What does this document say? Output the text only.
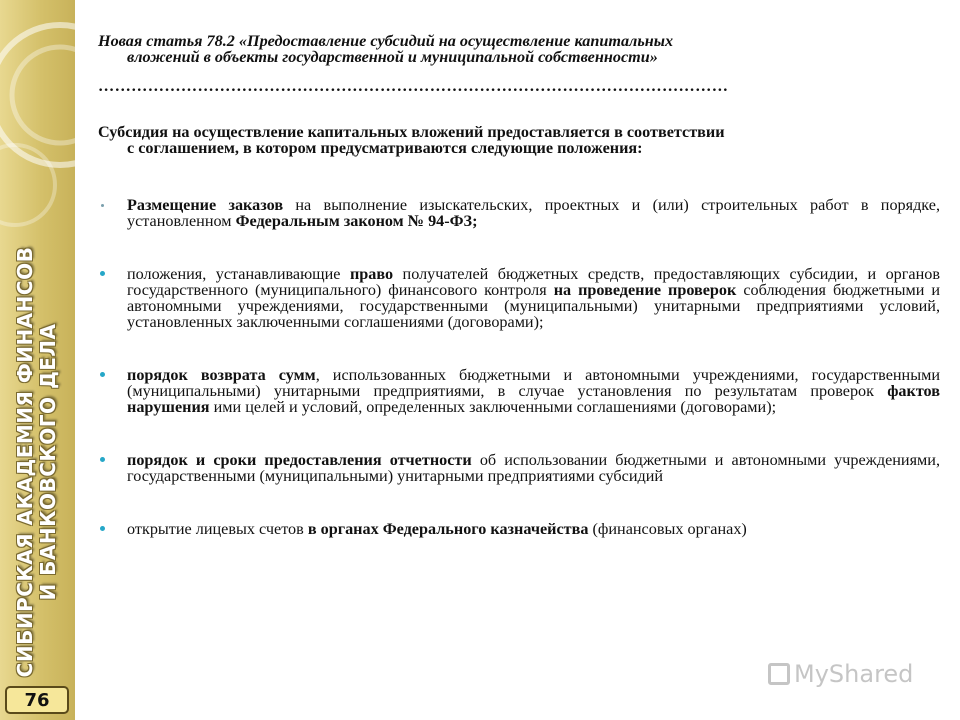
СИБИРСКАЯ АКАДЕМИЯ ФИНАНСОВ И БАНКОВСКОГО ДЕЛА
76

Новая статья 78.2 «Предоставление субсидий на осуществление капитальных
вложений в объекты государственной и муниципальной собственности»

……………………………………………………………………………………………………

Субсидия на осуществление капитальных вложений предоставляется в соответствии
с соглашением, в котором предусматриваются следующие положения:

Размещение заказов на выполнение изыскательских, проектных и (или) строительных работ в порядке, установленном Федеральным законом № 94-ФЗ;
положения, устанавливающие право получателей бюджетных средств, предоставляющих субсидии, и органов государственного (муниципального) финансового контроля на проведение проверок соблюдения бюджетными и автономными учреждениями, государственными (муниципальными) унитарными предприятиями условий, установленных заключенными соглашениями (договорами);
порядок возврата сумм, использованных бюджетными и автономными учреждениями, государственными (муниципальными) унитарными предприятиями, в случае установления по результатам проверок фактов нарушения ими целей и условий, определенных заключенными соглашениями (договорами);
порядок и сроки предоставления отчетности об использовании бюджетными и автономными учреждениями, государственными (муниципальными) унитарными предприятиями субсидий
открытие лицевых счетов в органах Федерального казначейства (финансовых органах)
MyShared
